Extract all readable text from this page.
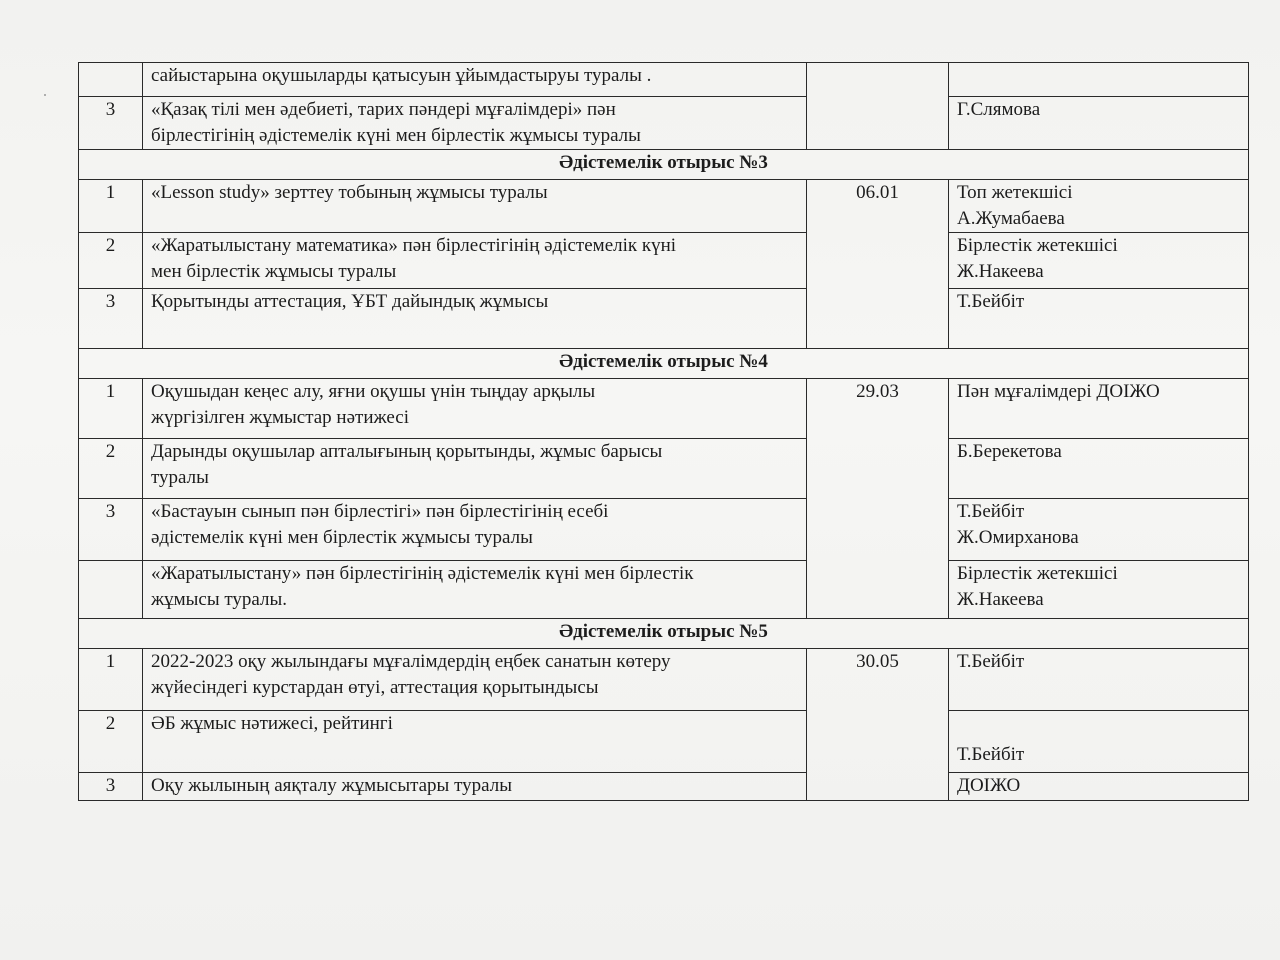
	сайыстарына оқушыларды қатысуын ұйымдастыруы туралы .		

3	«Қазақ тілі мен әдебиеті, тарих пәндері мұғалімдері» пән
бірлестігінің әдістемелік күні мен бірлестік жұмысы туралы		Г.Слямова
Әдістемелік отырыс №3			
1	«Lesson study» зерттеу тобының жұмысы туралы	06.01	Топ жетекшісі
А.Жумабаева

2	«Жаратылыстану математика» пән бірлестігінің әдістемелік күні
мен бірлестік жұмысы туралы		Бірлестік жетекшісі
Ж.Накеева

3	Қорытынды аттестация, ҰБТ дайындық жұмысы		Т.Бейбіт

Әдістемелік отырыс №4			
1	Оқушыдан кеңес алу, яғни оқушы үнін тыңдау арқылы
жүргізілген жұмыстар нәтижесі	29.03	Пән мұғалімдері ДОІЖО

2	Дарынды оқушылар апталығының қорытынды, жұмыс барысы
туралы		Б.Берекетова

3	«Бастауын сынып пән бірлестігі» пән бірлестігінің есебі
әдістемелік күні мен бірлестік жұмысы туралы		Т.Бейбіт
Ж.Омирханова

	«Жаратылыстану» пән бірлестігінің әдістемелік күні мен бірлестік
жұмысы туралы.		Бірлестік жетекшісі
Ж.Накеева

Әдістемелік отырыс №5			
1	2022-2023 оқу жылындағы мұғалімдердің еңбек санатын көтеру
жүйесіндегі курстардан өтуі, аттестация қорытындысы	30.05	Т.Бейбіт

2	ӘБ жұмыс нәтижесі, рейтингі		Т.Бейбіт

3	Оқу жылының аяқталу жұмысытары туралы		ДОІЖО
